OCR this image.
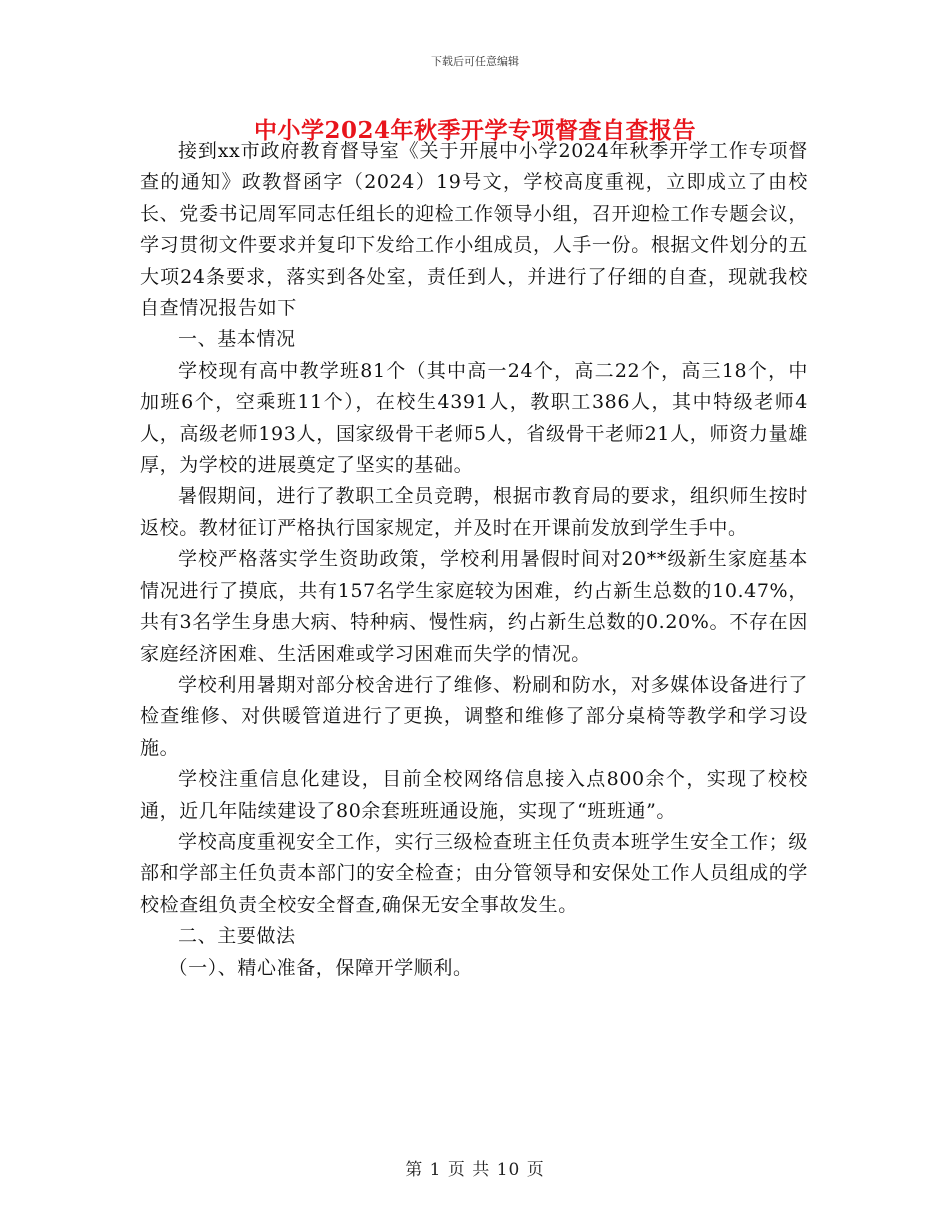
下载后可任意编辑
中小学2024年秋季开学专项督查自查报告

接到xx市政府教育督导室《关于开展中小学2024年秋季开学工作专项督查的通知》政教督函字（2024）19号文，学校高度重视，立即成立了由校长、党委书记周军同志任组长的迎检工作领导小组，召开迎检工作专题会议，学习贯彻文件要求并复印下发给工作小组成员，人手一份。根据文件划分的五大项24条要求，落实到各处室，责任到人，并进行了仔细的自查，现就我校自查情况报告如下

一、基本情况

学校现有高中教学班81个（其中高一24个，高二22个，高三18个，中加班6个，空乘班11个），在校生4391人，教职工386人，其中特级老师4人，高级老师193人，国家级骨干老师5人，省级骨干老师21人，师资力量雄厚，为学校的进展奠定了坚实的基础。

暑假期间，进行了教职工全员竞聘，根据市教育局的要求，组织师生按时返校。教材征订严格执行国家规定，并及时在开课前发放到学生手中。

学校严格落实学生资助政策，学校利用暑假时间对20**级新生家庭基本情况进行了摸底，共有157名学生家庭较为困难，约占新生总数的10.47%，共有3名学生身患大病、特种病、慢性病，约占新生总数的0.20%。不存在因家庭经济困难、生活困难或学习困难而失学的情况。

学校利用暑期对部分校舍进行了维修、粉刷和防水，对多媒体设备进行了检查维修、对供暖管道进行了更换，调整和维修了部分桌椅等教学和学习设施。

学校注重信息化建设，目前全校网络信息接入点800余个，实现了校校通，近几年陆续建设了80余套班班通设施，实现了“班班通”。

学校高度重视安全工作，实行三级检查班主任负责本班学生安全工作；级部和学部主任负责本部门的安全检查；由分管领导和安保处工作人员组成的学校检查组负责全校安全督查,确保无安全事故发生。

二、主要做法

（一）、精心准备，保障开学顺利。

第 1 页 共 10 页
